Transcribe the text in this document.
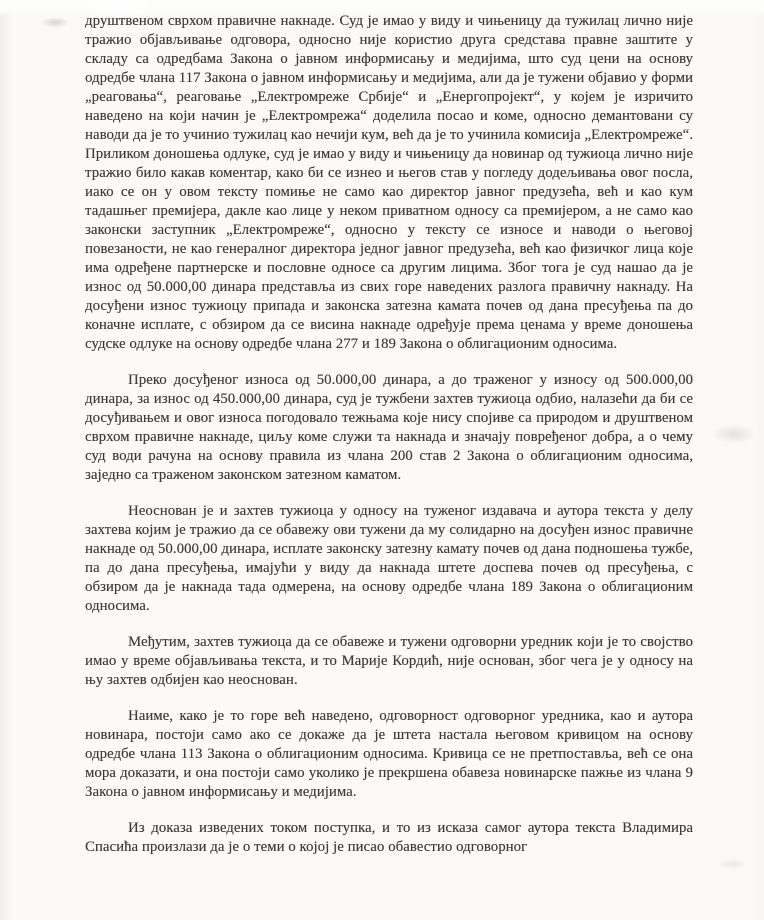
друштвеном сврхом правичне накнаде. Суд је имао у виду и чињеницу да тужилац лично није тражио објављивање одговора, односно није користио друга средстава правне заштите у складу са одредбама Закона о јавном информисању и медијима, што суд цени на основу одредбе члана 117 Закона о јавном информисању и медијима, али да је тужени објавио у форми „реаговања“, реаговање „Електромреже Србије“ и „Енергопројект“, у којем је изричито наведено на који начин је „Електромрежа“ доделила посао и коме, односно демантовани су наводи да је то учинио тужилац као нечији кум, већ да је то учинила комисија „Електромреже“. Приликом доношења одлуке, суд је имао у виду и чињеницу да новинар од тужиоца лично није тражио било какав коментар, како би се изнео и његов став у погледу додељивања овог посла, иако се он у овом тексту помиње не само као директор јавног предузећа, већ и као кум тадашњег премијера, дакле као лице у неком приватном односу са премијером, а не само као законски заступник „Електромреже“, односно у тексту се износе и наводи о његовој повезаности, не као генералног директора једног јавног предузећа, већ као физичког лица које има одређене партнерске и пословне односе са другим лицима. Због тога је суд нашао да је износ од 50.000,00 динара представља из свих горе наведених разлога правичну накнаду. На досуђени износ тужиоцу припада и законска затезна камата почев од дана пресуђења па до коначне исплате, с обзиром да се висина накнаде одређује према ценама у време доношења судске одлуке на основу одредбе члана 277 и 189 Закона о облигационим односима.

Преко досуђеног износа од 50.000,00 динара, а до траженог у износу од 500.000,00 динара, за износ од 450.000,00 динара, суд је тужбени захтев тужиоца одбио, налазећи да би се досуђивањем и овог износа погодовало тежњама које нису спојиве са природом и друштвеном сврхом правичне накнаде, циљу коме служи та накнада и значају повређеног добра, а о чему суд води рачуна на основу правила из члана 200 став 2 Закона о облигационим односима, заједно са траженом законском затезном каматом.

Неоснован је и захтев тужиоца у односу на туженог издавача и аутора текста у делу захтева којим је тражио да се обавежу ови тужени да му солидарно на досуђен износ правичне накнаде од 50.000,00 динара, исплате законску затезну камату почев од дана подношења тужбе, па до дана пресуђења, имајући у виду да накнада штете доспева почев од пресуђења, с обзиром да је накнада тада одмерена, на основу одредбе члана 189 Закона о облигационим односима.

Међутим, захтев тужиоца да се обавеже и тужени одговорни уредник који је то својство имао у време објављивања текста, и то Марије Кордић, није основан, због чега је у односу на њу захтев одбијен као неоснован.

Наиме, како је то горе већ наведено, одговорност одговорног уредника, као и аутора новинара, постоји само ако се докаже да је штета настала његовом кривицом на основу одредбе члана 113 Закона о облигационим односима. Кривица се не претпоставља, већ се она мора доказати, и она постоји само уколико је прекршена обавеза новинарске пажње из члана 9 Закона о јавном информисању и медијима.

Из доказа изведених током поступка, и то из исказа самог аутора текста Владимира Спасића произлази да је о теми о којој је писао обавестио одговорног
